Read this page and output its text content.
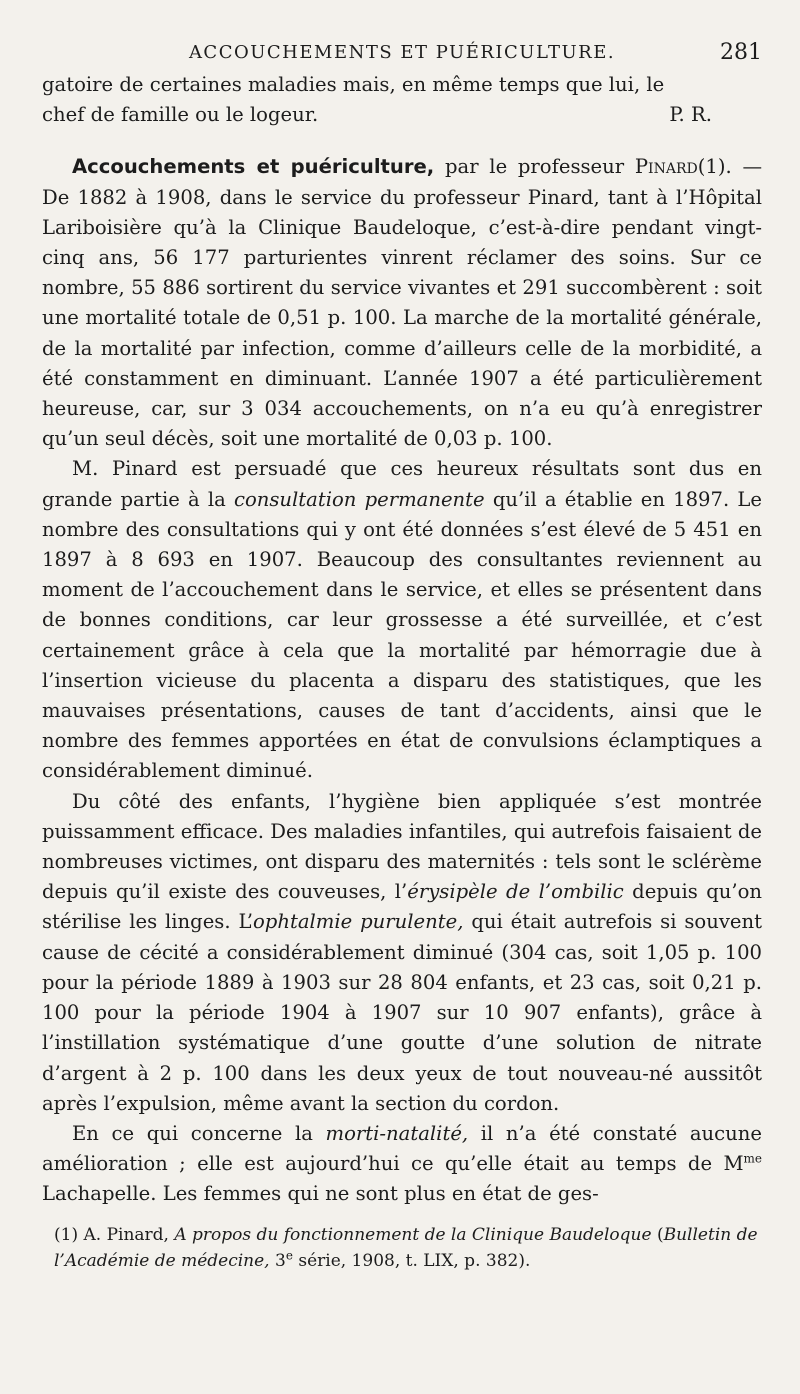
ACCOUCHEMENTS ET PUÉRICULTURE.	281

gatoire de certaines maladies mais, en même temps que lui, le

chef de famille ou le logeur.	P. R.

Accouchements et puériculture, par le professeur Pinard(1). — De 1882 à 1908, dans le service du professeur Pinard, tant à l’Hôpital Lariboisière qu’à la Clinique Baudeloque, c’est-à-dire pendant vingt-cinq ans, 56 177 parturientes vinrent réclamer des soins. Sur ce nombre, 55 886 sortirent du service vivantes et 291 succombèrent : soit une mortalité totale de 0,51 p. 100. La marche de la mortalité générale, de la mortalité par infection, comme d’ailleurs celle de la morbidité, a été constamment en diminuant. L’année 1907 a été particulièrement heureuse, car, sur 3 034 accouchements, on n’a eu qu’à enregistrer qu’un seul décès, soit une mortalité de 0,03 p. 100.

M. Pinard est persuadé que ces heureux résultats sont dus en grande partie à la consultation permanente qu’il a établie en 1897. Le nombre des consultations qui y ont été données s’est élevé de 5 451 en 1897 à 8 693 en 1907. Beaucoup des consultantes reviennent au moment de l’accouchement dans le service, et elles se présentent dans de bonnes conditions, car leur grossesse a été surveillée, et c’est certainement grâce à cela que la mortalité par hémorragie due à l’insertion vicieuse du placenta a disparu des statistiques, que les mauvaises présentations, causes de tant d’accidents, ainsi que le nombre des femmes apportées en état de convulsions éclamptiques a considérablement diminué.

Du côté des enfants, l’hygiène bien appliquée s’est montrée puissamment efficace. Des maladies infantiles, qui autrefois faisaient de nombreuses victimes, ont disparu des maternités : tels sont le sclérème depuis qu’il existe des couveuses, l’érysipèle de l’ombilic depuis qu’on stérilise les linges. L’ophtalmie purulente, qui était autrefois si souvent cause de cécité a considérablement diminué (304 cas, soit 1,05 p. 100 pour la période 1889 à 1903 sur 28 804 enfants, et 23 cas, soit 0,21 p. 100 pour la période 1904 à 1907 sur 10 907 enfants), grâce à l’instillation systématique d’une goutte d’une solution de nitrate d’argent à 2 p. 100 dans les deux yeux de tout nouveau-né aussitôt après l’expulsion, même avant la section du cordon.

En ce qui concerne la morti-natalité, il n’a été constaté aucune amélioration ; elle est aujourd’hui ce qu’elle était au temps de $M^{me}$ Lachapelle. Les femmes qui ne sont plus en état de ges-

(1) A. Pinard, A propos du fonctionnement de la Clinique Baudeloque (Bulletin de l’Académie de médecine, 3e série, 1908, t. LIX, p. 382).
